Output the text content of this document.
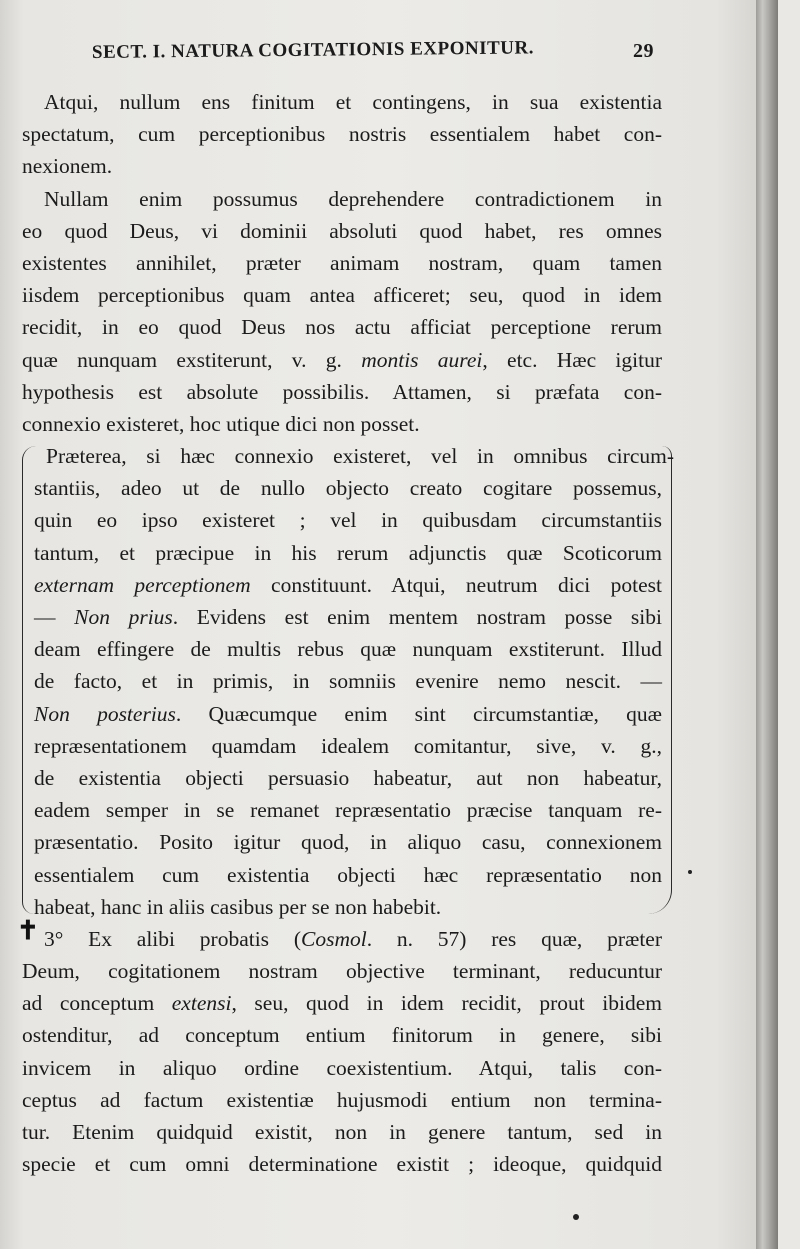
SECT. I. NATURA COGITATIONIS EXPONITUR.	29
✝
Atqui, nullum ens finitum et contingens, in sua existentia
spectatum, cum perceptionibus nostris essentialem habet con-
nexionem.
Nullam enim possumus deprehendere contradictionem in
eo quod Deus, vi dominii absoluti quod habet, res omnes
existentes annihilet, præter animam nostram, quam tamen
iisdem perceptionibus quam antea afficeret; seu, quod in idem
recidit, in eo quod Deus nos actu afficiat perceptione rerum
quæ nunquam exstiterunt, v. g. montis aurei, etc. Hæc igitur
hypothesis est absolute possibilis. Attamen, si præfata con-
connexio existeret, hoc utique dici non posset.
Præterea, si hæc connexio existeret, vel in omnibus circum-
stantiis, adeo ut de nullo objecto creato cogitare possemus,
quin eo ipso existeret ; vel in quibusdam circumstantiis
tantum, et præcipue in his rerum adjunctis quæ Scoticorum
externam perceptionem constituunt. Atqui, neutrum dici potest
— Non prius. Evidens est enim mentem nostram posse sibi
deam effingere de multis rebus quæ nunquam exstiterunt. Illud
de facto, et in primis, in somniis evenire nemo nescit. —
Non posterius. Quæcumque enim sint circumstantiæ, quæ
repræsentationem quamdam idealem comitantur, sive, v. g.,
de existentia objecti persuasio habeatur, aut non habeatur,
eadem semper in se remanet repræsentatio præcise tanquam re-
præsentatio. Posito igitur quod, in aliquo casu, connexionem
essentialem cum existentia objecti hæc repræsentatio non
habeat, hanc in aliis casibus per se non habebit.
3° Ex alibi probatis (Cosmol. n. 57) res quæ, præter
Deum, cogitationem nostram objective terminant, reducuntur
ad conceptum extensi, seu, quod in idem recidit, prout ibidem
ostenditur, ad conceptum entium finitorum in genere, sibi
invicem in aliquo ordine coexistentium. Atqui, talis con-
ceptus ad factum existentiæ hujusmodi entium non termina-
tur. Etenim quidquid existit, non in genere tantum, sed in
specie et cum omni determinatione existit ; ideoque, quidquid
